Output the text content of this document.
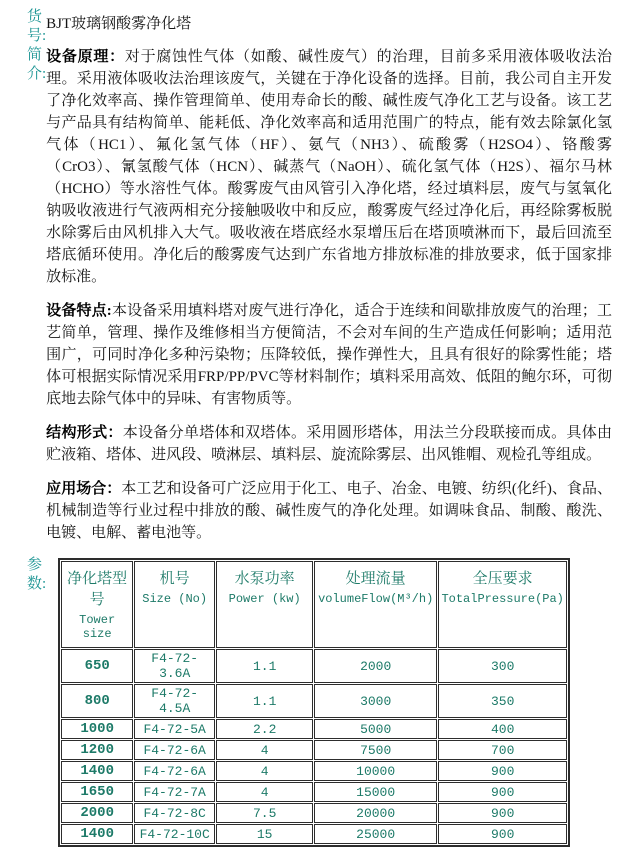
货
号:
BJT玻璃钢酸雾净化塔
简
介:

设备原理：对于腐蚀性气体（如酸、碱性废气）的治理，目前多采用液体吸收法治理。采用液体吸收法治理该废气，关键在于净化设备的选择。目前，我公司自主开发了净化效率高、操作管理简单、使用寿命长的酸、碱性废气净化工艺与设备。该工艺与产品具有结构简单、能耗低、净化效率高和适用范围广的特点，能有效去除氯化氢气体（HC1）、氟化氢气体（HF）、氨气（NH3）、硫酸雾（H2SO4）、铬酸雾（CrO3）、氰氢酸气体（HCN）、碱蒸气（NaOH）、硫化氢气体（H2S）、福尔马林（HCHO）等水溶性气体。酸雾废气由风管引入净化塔，经过填料层，废气与氢氧化钠吸收液进行气液两相充分接触吸收中和反应，酸雾废气经过净化后，再经除雾板脱水除雾后由风机排入大气。吸收液在塔底经水泵增压后在塔顶喷淋而下，最后回流至塔底循环使用。净化后的酸雾废气达到广东省地方排放标准的排放要求，低于国家排放标准。

设备特点:本设备采用填料塔对废气进行净化，适合于连续和间歇排放废气的治理；工艺简单，管理、操作及维修相当方便简洁，不会对车间的生产造成任何影响；适用范围广，可同时净化多种污染物；压降较低，操作弹性大，且具有很好的除雾性能；塔体可根据实际情况采用FRP/PP/PVC等材料制作；填料采用高效、低阻的鲍尔环，可彻底地去除气体中的异味、有害物质等。

结构形式：本设备分单塔体和双塔体。采用圆形塔体，用法兰分段联接而成。具体由贮液箱、塔体、进风段、喷淋层、填料层、旋流除雾层、出风锥帽、观检孔等组成。

应用场合：本工艺和设备可广泛应用于化工、电子、冶金、电镀、纺织(化纤)、食品、机械制造等行业过程中排放的酸、碱性废气的净化处理。如调味食品、制酸、酸洗、电镀、电解、蓄电池等。

参
数: 净化塔型号
Tower size

机号
Size (No)

水泵功率
Power (kw)

处理流量
volumeFlow(M³/h)

全压要求
TotalPressure(Pa)

650	F4-72-3.6A	1.1	2000	300
800	F4-72-4.5A	1.1	3000	350
1000	F4-72-5A	2.2	5000	400
1200	F4-72-6A	4	7500	700
1400	F4-72-6A	4	10000	900
1650	F4-72-7A	4	15000	900
2000	F4-72-8C	7.5	20000	900
1400	F4-72-10C	15	25000	900
